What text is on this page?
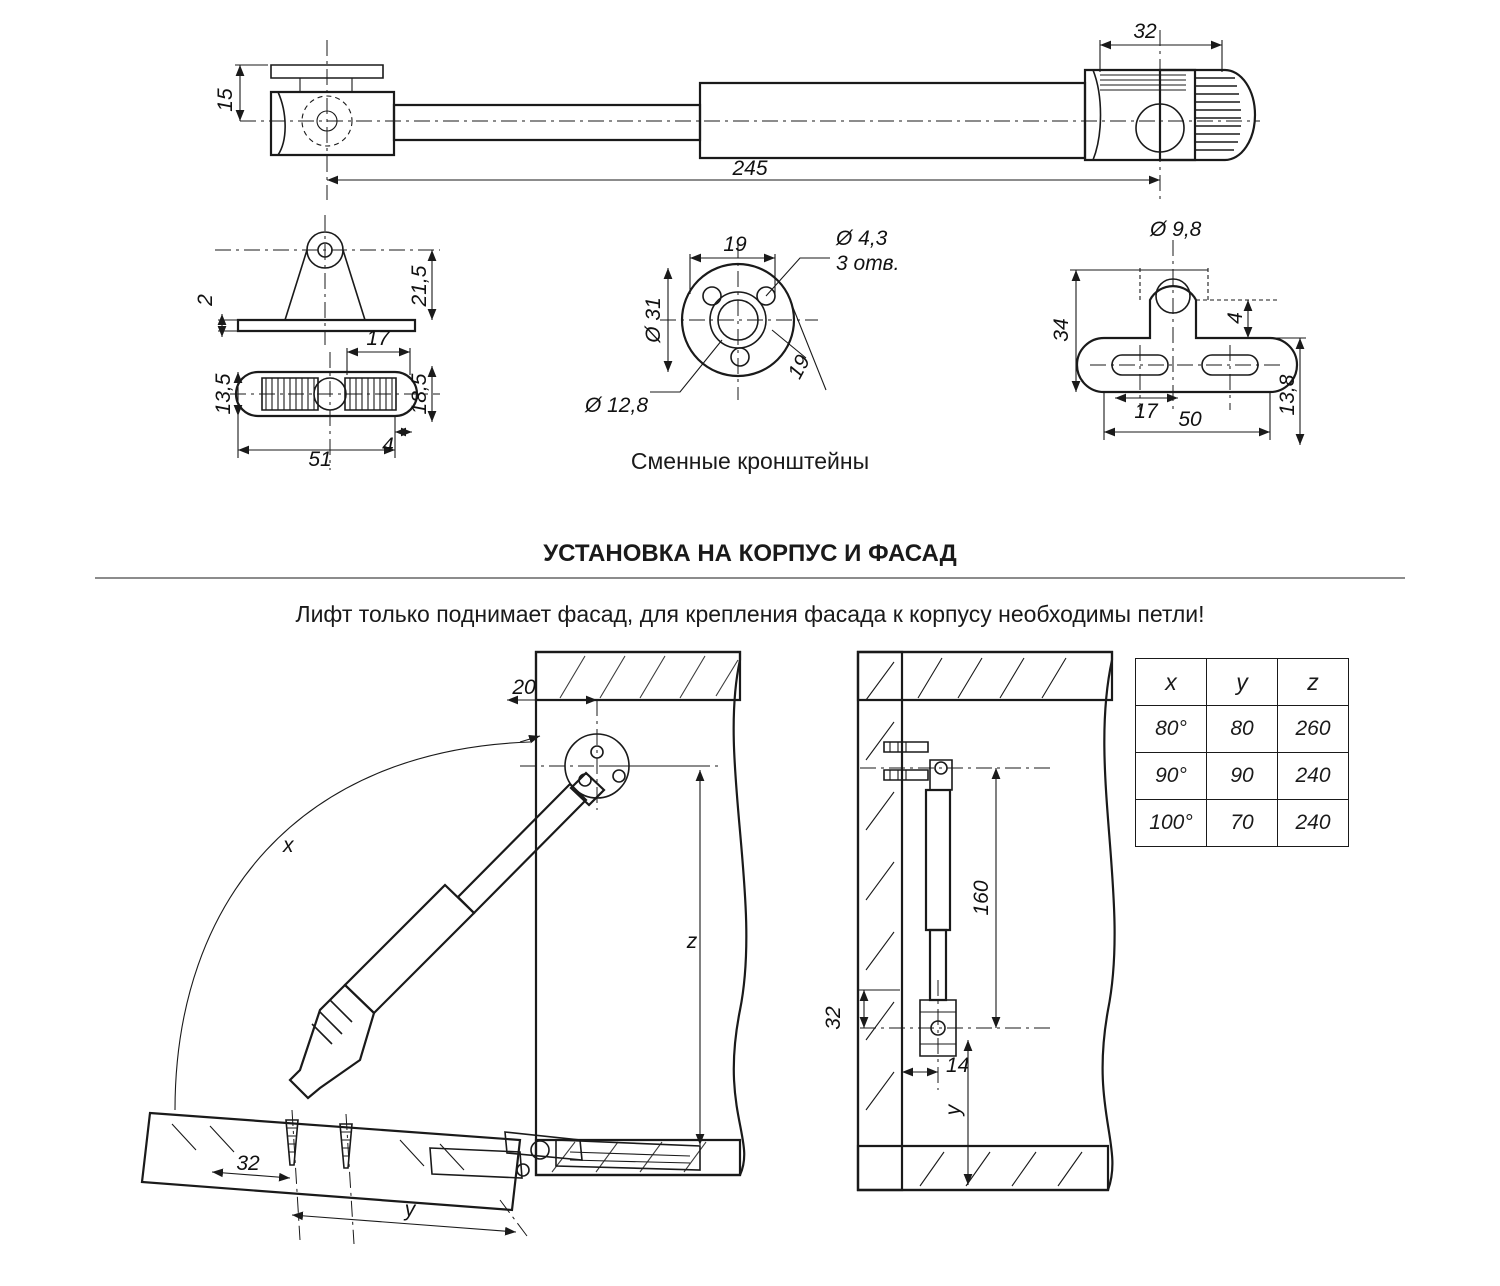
32
15
245
21,5
2
17
13,5	18,5
51
4
19	Ø 4,3
3 отв.
Ø 31
Ø 12,8
19
Ø 9,8
34
4
17 50
13,8
x
20
z
32
y
160
32
14
y
Сменные кронштейны
УСТАНОВКА НА КОРПУС И ФАСАД
Лифт только поднимает фасад, для крепления фасада к корпусу необходимы петли!
x	y	z
80°	80	260
90°	90	240
100°	70	240
